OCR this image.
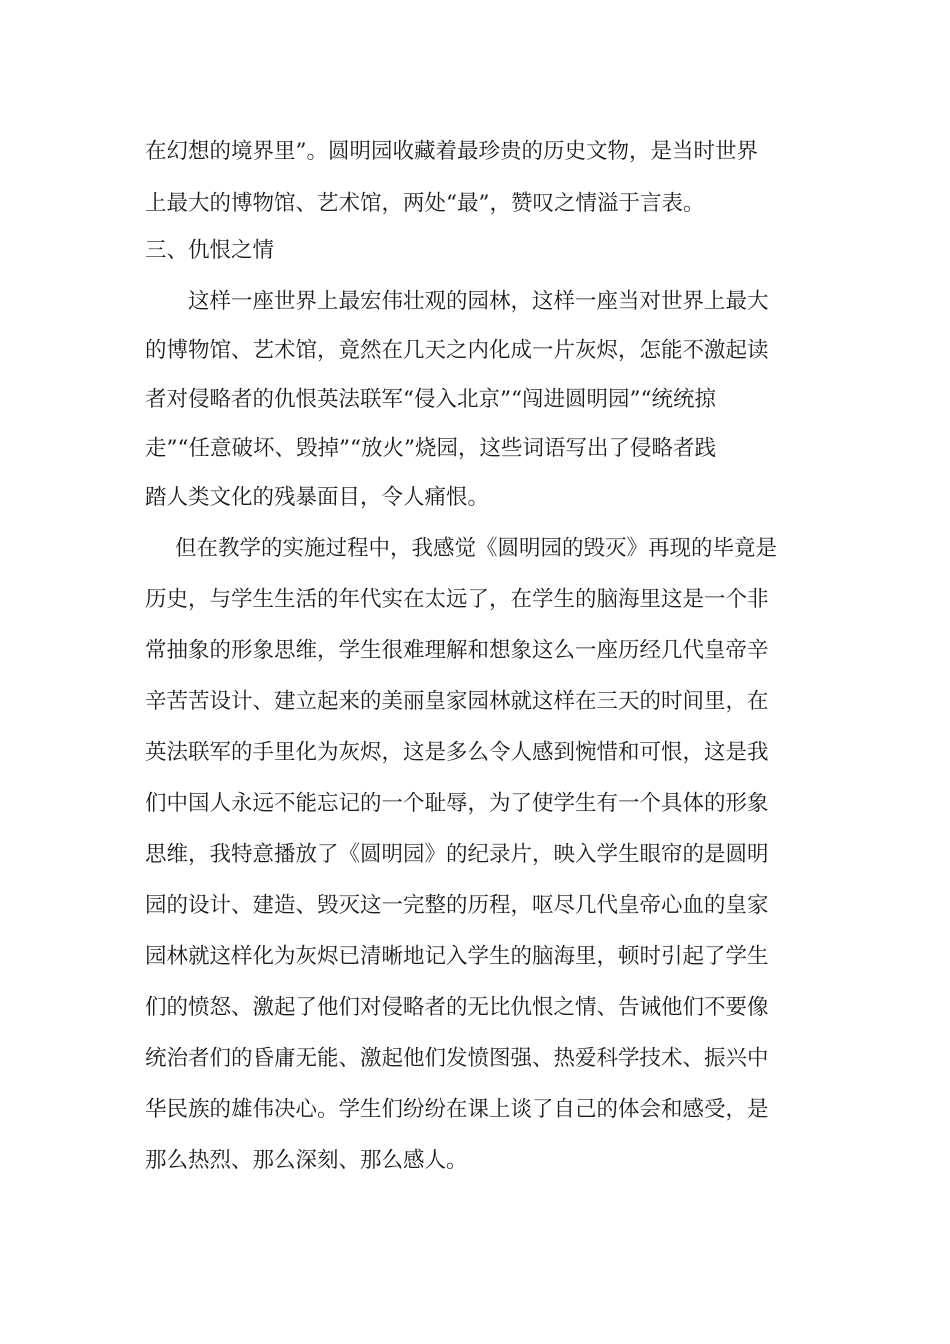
在幻想的境界里”。圆明园收藏着最珍贵的历史文物，是当时世界

上最大的博物馆、艺术馆，两处“最”，赞叹之情溢于言表。

三、仇恨之情

这样一座世界上最宏伟壮观的园林，这样一座当对世界上最大

的博物馆、艺术馆，竟然在几天之内化成一片灰烬，怎能不激起读

者对侵略者的仇恨英法联军“侵入北京”“闯进圆明园”“统统掠

走”“任意破坏、毁掉”“放火”烧园，这些词语写出了侵略者践

踏人类文化的残暴面目，令人痛恨。

但在教学的实施过程中，我感觉《圆明园的毁灭》再现的毕竟是

历史，与学生生活的年代实在太远了，在学生的脑海里这是一个非

常抽象的形象思维，学生很难理解和想象这么一座历经几代皇帝辛

辛苦苦设计、建立起来的美丽皇家园林就这样在三天的时间里，在

英法联军的手里化为灰烬，这是多么令人感到惋惜和可恨，这是我

们中国人永远不能忘记的一个耻辱，为了使学生有一个具体的形象

思维，我特意播放了《圆明园》的纪录片，映入学生眼帘的是圆明

园的设计、建造、毁灭这一完整的历程，呕尽几代皇帝心血的皇家

园林就这样化为灰烬已清晰地记入学生的脑海里，顿时引起了学生

们的愤怒、激起了他们对侵略者的无比仇恨之情、告诫他们不要像

统治者们的昏庸无能、激起他们发愤图强、热爱科学技术、振兴中

华民族的雄伟决心。学生们纷纷在课上谈了自己的体会和感受，是

那么热烈、那么深刻、那么感人。
